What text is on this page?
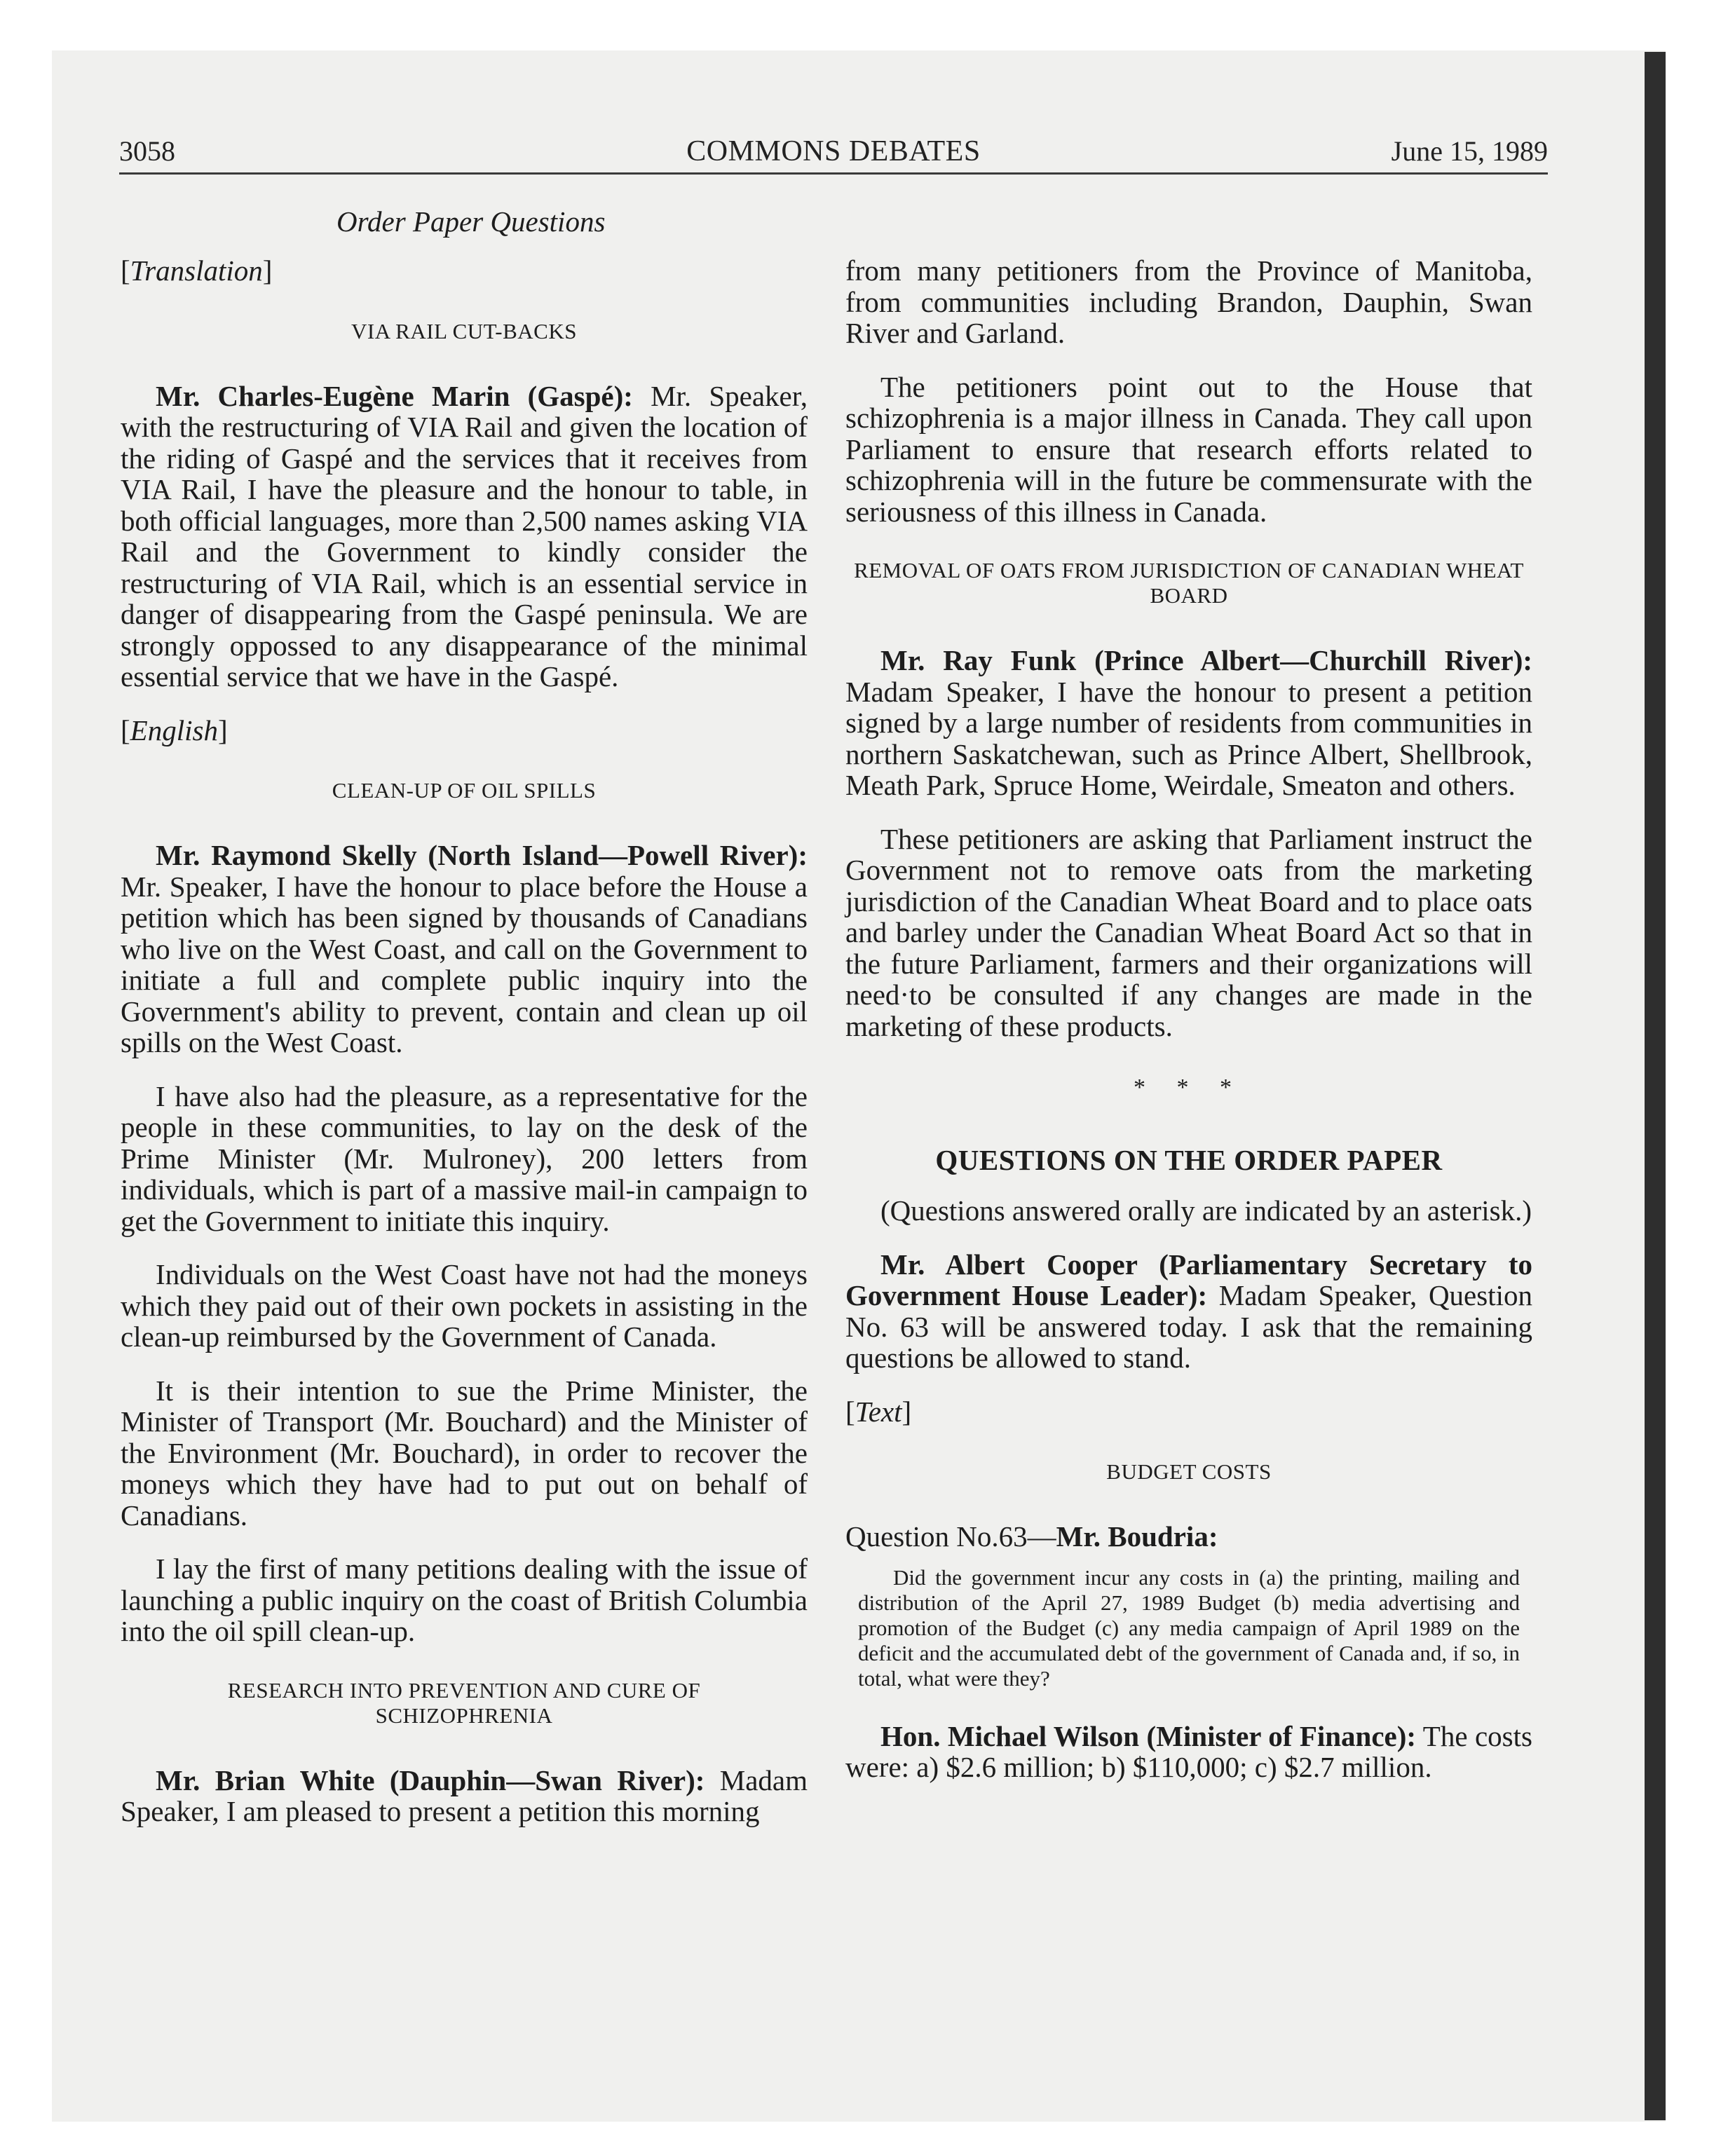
3058	COMMONS DEBATES	June 15, 1989
Order Paper Questions
[Translation]
VIA RAIL CUT-BACKS

Mr. Charles-Eugène Marin (Gaspé): Mr. Speaker, with the restructuring of VIA Rail and given the location of the riding of Gaspé and the services that it receives from VIA Rail, I have the pleasure and the honour to table, in both official languages, more than 2,500 names asking VIA Rail and the Government to kindly consider the restructuring of VIA Rail, which is an essential service in danger of disappearing from the Gaspé peninsula. We are strongly oppossed to any disappearance of the minimal essential service that we have in the Gaspé.

[English]
CLEAN-UP OF OIL SPILLS

Mr. Raymond Skelly (North Island—Powell River): Mr. Speaker, I have the honour to place before the House a petition which has been signed by thousands of Canadians who live on the West Coast, and call on the Government to initiate a full and complete public inquiry into the Government's ability to prevent, contain and clean up oil spills on the West Coast.

I have also had the pleasure, as a representative for the people in these communities, to lay on the desk of the Prime Minister (Mr. Mulroney), 200 letters from individuals, which is part of a massive mail-in campaign to get the Government to initiate this inquiry.

Individuals on the West Coast have not had the moneys which they paid out of their own pockets in assisting in the clean-up reimbursed by the Government of Canada.

It is their intention to sue the Prime Minister, the Minister of Transport (Mr. Bouchard) and the Minister of the Environment (Mr. Bouchard), in order to recover the moneys which they have had to put out on behalf of Canadians.

I lay the first of many petitions dealing with the issue of launching a public inquiry on the coast of British Columbia into the oil spill clean-up.

RESEARCH INTO PREVENTION AND CURE OF SCHIZOPHRENIA

Mr. Brian White (Dauphin—Swan River): Madam Speaker, I am pleased to present a petition this morning

from many petitioners from the Province of Manitoba, from communities including Brandon, Dauphin, Swan River and Garland.

The petitioners point out to the House that schizophrenia is a major illness in Canada. They call upon Parliament to ensure that research efforts related to schizophrenia will in the future be commensurate with the seriousness of this illness in Canada.

REMOVAL OF OATS FROM JURISDICTION OF CANADIAN WHEAT BOARD

Mr. Ray Funk (Prince Albert—Churchill River): Madam Speaker, I have the honour to present a petition signed by a large number of residents from communities in northern Saskatchewan, such as Prince Albert, Shellbrook, Meath Park, Spruce Home, Weirdale, Smeaton and others.

These petitioners are asking that Parliament instruct the Government not to remove oats from the marketing jurisdiction of the Canadian Wheat Board and to place oats and barley under the Canadian Wheat Board Act so that in the future Parliament, farmers and their organizations will need·to be consulted if any changes are made in the marketing of these products.

* * *
QUESTIONS ON THE ORDER PAPER

(Questions answered orally are indicated by an asterisk.)

Mr. Albert Cooper (Parliamentary Secretary to Government House Leader): Madam Speaker, Question No. 63 will be answered today. I ask that the remaining questions be allowed to stand.

[Text]
BUDGET COSTS
Question No.63—Mr. Boudria:

Did the government incur any costs in (a) the printing, mailing and distribution of the April 27, 1989 Budget (b) media advertising and promotion of the Budget (c) any media campaign of April 1989 on the deficit and the accumulated debt of the government of Canada and, if so, in total, what were they?

Hon. Michael Wilson (Minister of Finance): The costs were: a) $2.6 million; b) $110,000; c) $2.7 million.
